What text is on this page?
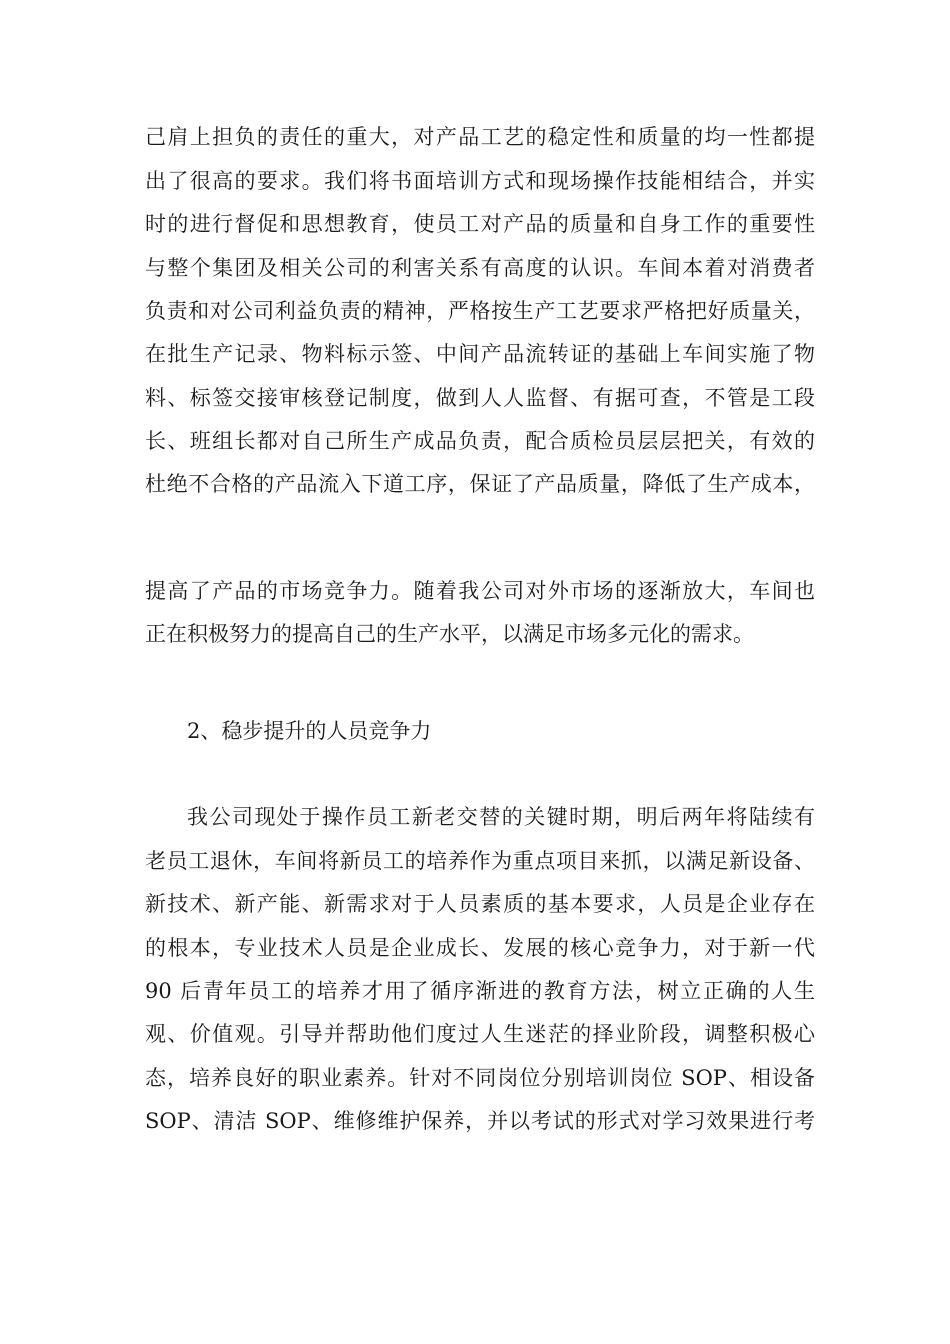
己肩上担负的责任的重大，对产品工艺的稳定性和质量的均一性都提
出了很高的要求。我们将书面培训方式和现场操作技能相结合，并实
时的进行督促和思想教育，使员工对产品的质量和自身工作的重要性
与整个集团及相关公司的利害关系有高度的认识。车间本着对消费者
负责和对公司利益负责的精神，严格按生产工艺要求严格把好质量关，
在批生产记录、物料标示签、中间产品流转证的基础上车间实施了物
料、标签交接审核登记制度，做到人人监督、有据可查，不管是工段
长、班组长都对自己所生产成品负责，配合质检员层层把关，有效的
杜绝不合格的产品流入下道工序，保证了产品质量，降低了生产成本，
提高了产品的市场竞争力。随着我公司对外市场的逐渐放大，车间也
正在积极努力的提高自己的生产水平，以满足市场多元化的需求。
2、稳步提升的人员竞争力
我公司现处于操作员工新老交替的关键时期，明后两年将陆续有
老员工退休，车间将新员工的培养作为重点项目来抓，以满足新设备、
新技术、新产能、新需求对于人员素质的基本要求，人员是企业存在
的根本，专业技术人员是企业成长、发展的核心竞争力，对于新一代
90 后青年员工的培养才用了循序渐进的教育方法，树立正确的人生
观、价值观。引导并帮助他们度过人生迷茫的择业阶段，调整积极心
态，培养良好的职业素养。针对不同岗位分别培训岗位 SOP、相设备
SOP、清洁 SOP、维修维护保养，并以考试的形式对学习效果进行考
